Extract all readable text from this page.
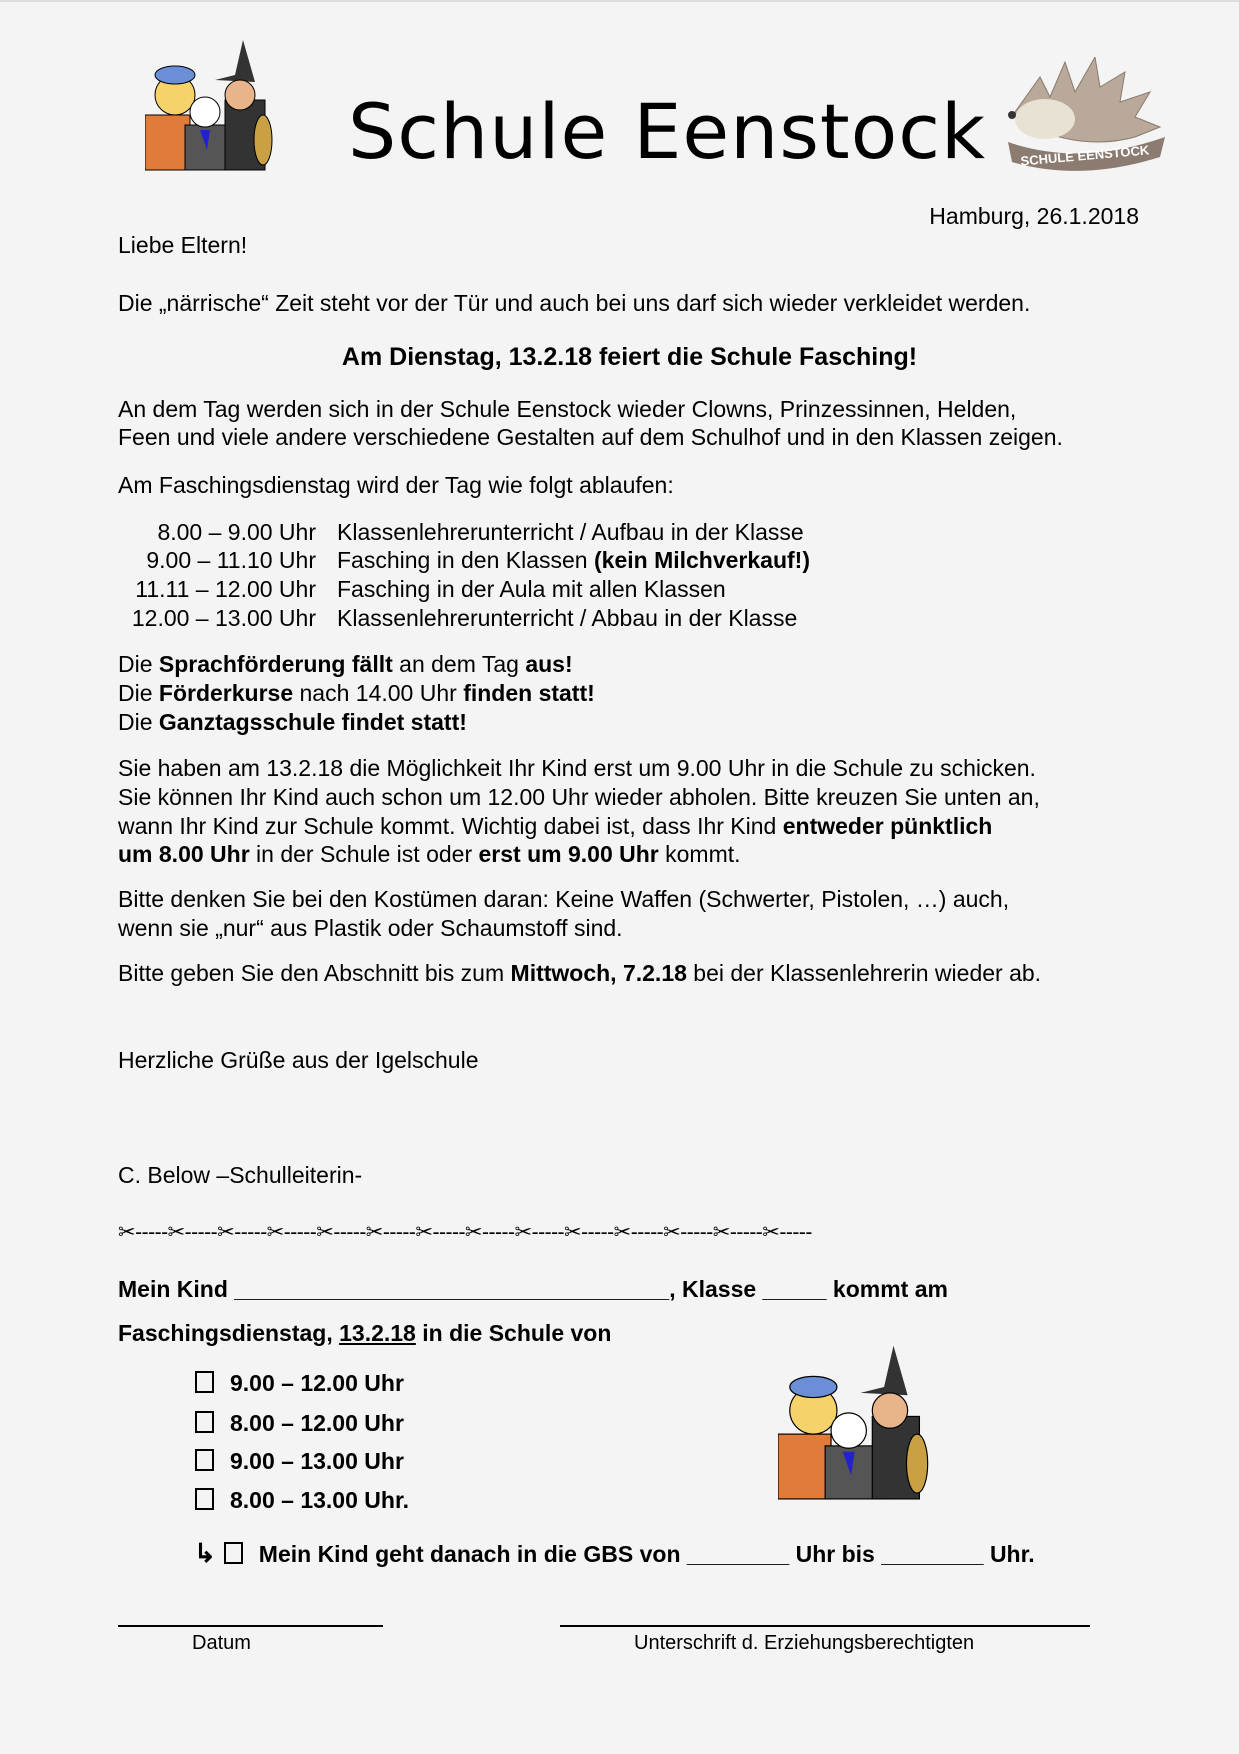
Schule Eenstock	SCHULE EENSTOCK
Hamburg, 26.1.2018
Liebe Eltern!
Die „närrische“ Zeit steht vor der Tür und auch bei uns darf sich wieder verkleidet werden.
Am Dienstag, 13.2.18 feiert die Schule Fasching!
An dem Tag werden sich in der Schule Eenstock wieder Clowns, Prinzessinnen, Helden,
Feen und viele andere verschiedene Gestalten auf dem Schulhof und in den Klassen zeigen.
Am Faschingsdienstag wird der Tag wie folgt ablaufen:
8.00 – 9.00 Uhr Klassenlehrerunterricht / Aufbau in der Klasse
9.00 – 11.10 Uhr Fasching in den Klassen (kein Milchverkauf!)
11.11 – 12.00 Uhr Fasching in der Aula mit allen Klassen
12.00 – 13.00 Uhr Klassenlehrerunterricht / Abbau in der Klasse
Die Sprachförderung fällt an dem Tag aus!
Die Förderkurse nach 14.00 Uhr finden statt!
Die Ganztagsschule findet statt!
Sie haben am 13.2.18 die Möglichkeit Ihr Kind erst um 9.00 Uhr in die Schule zu schicken.
Sie können Ihr Kind auch schon um 12.00 Uhr wieder abholen. Bitte kreuzen Sie unten an,
wann Ihr Kind zur Schule kommt. Wichtig dabei ist, dass Ihr Kind entweder pünktlich
um 8.00 Uhr in der Schule ist oder erst um 9.00 Uhr kommt.
Bitte denken Sie bei den Kostümen daran: Keine Waffen (Schwerter, Pistolen, …) auch,
wenn sie „nur“ aus Plastik oder Schaumstoff sind.
Bitte geben Sie den Abschnitt bis zum Mittwoch, 7.2.18 bei der Klassenlehrerin wieder ab.
Herzliche Grüße aus der Igelschule
C. Below –Schulleiterin-
✂-----✂-----✂-----✂-----✂-----✂-----✂-----✂-----✂-----✂-----✂-----✂-----✂-----✂-----
Mein Kind __________________________________, Klasse _____ kommt am
Faschingsdienstag, 13.2.18 in die Schule von
9.00 – 12.00 Uhr
8.00 – 12.00 Uhr
9.00 – 13.00 Uhr
8.00 – 13.00 Uhr.
↳ Mein Kind geht danach in die GBS von ________ Uhr bis ________ Uhr.
Datum	Unterschrift d. Erziehungsberechtigten
